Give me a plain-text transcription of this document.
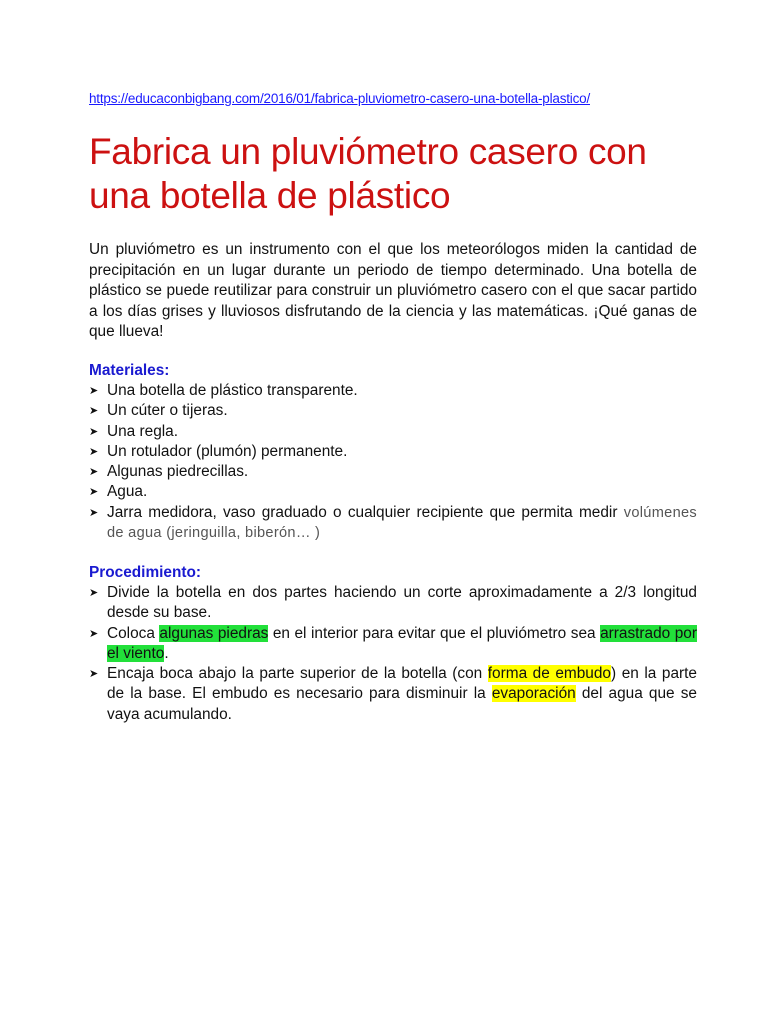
https://educaconbigbang.com/2016/01/fabrica-pluviometro-casero-una-botella-plastico/
Fabrica un pluviómetro casero con
una botella de plástico

Un pluviómetro es un instrumento con el que los meteorólogos miden la cantidad de precipitación en un lugar durante un periodo de tiempo determinado. Una botella de plástico se puede reutilizar para construir un pluviómetro casero con el que sacar partido a los días grises y lluviosos disfrutando de la ciencia y las matemáticas. ¡Qué ganas de que llueva!

Materiales:
➤ Una botella de plástico transparente.
➤ Un cúter o tijeras.
➤ Una regla.
➤ Un rotulador (plumón) permanente.
➤ Algunas piedrecillas.
➤ Agua.
➤ Jarra medidora, vaso graduado o cualquier recipiente que permita medir volúmenes de agua (jeringuilla, biberón… )
Procedimiento:
➤ Divide la botella en dos partes haciendo un corte aproximadamente a 2/3 longitud desde su base.
➤ Coloca algunas piedras en el interior para evitar que el pluviómetro sea arrastrado por el viento.
➤ Encaja boca abajo la parte superior de la botella (con forma de embudo) en la parte de la base. El embudo es necesario para disminuir la evaporación del agua que se vaya acumulando.
